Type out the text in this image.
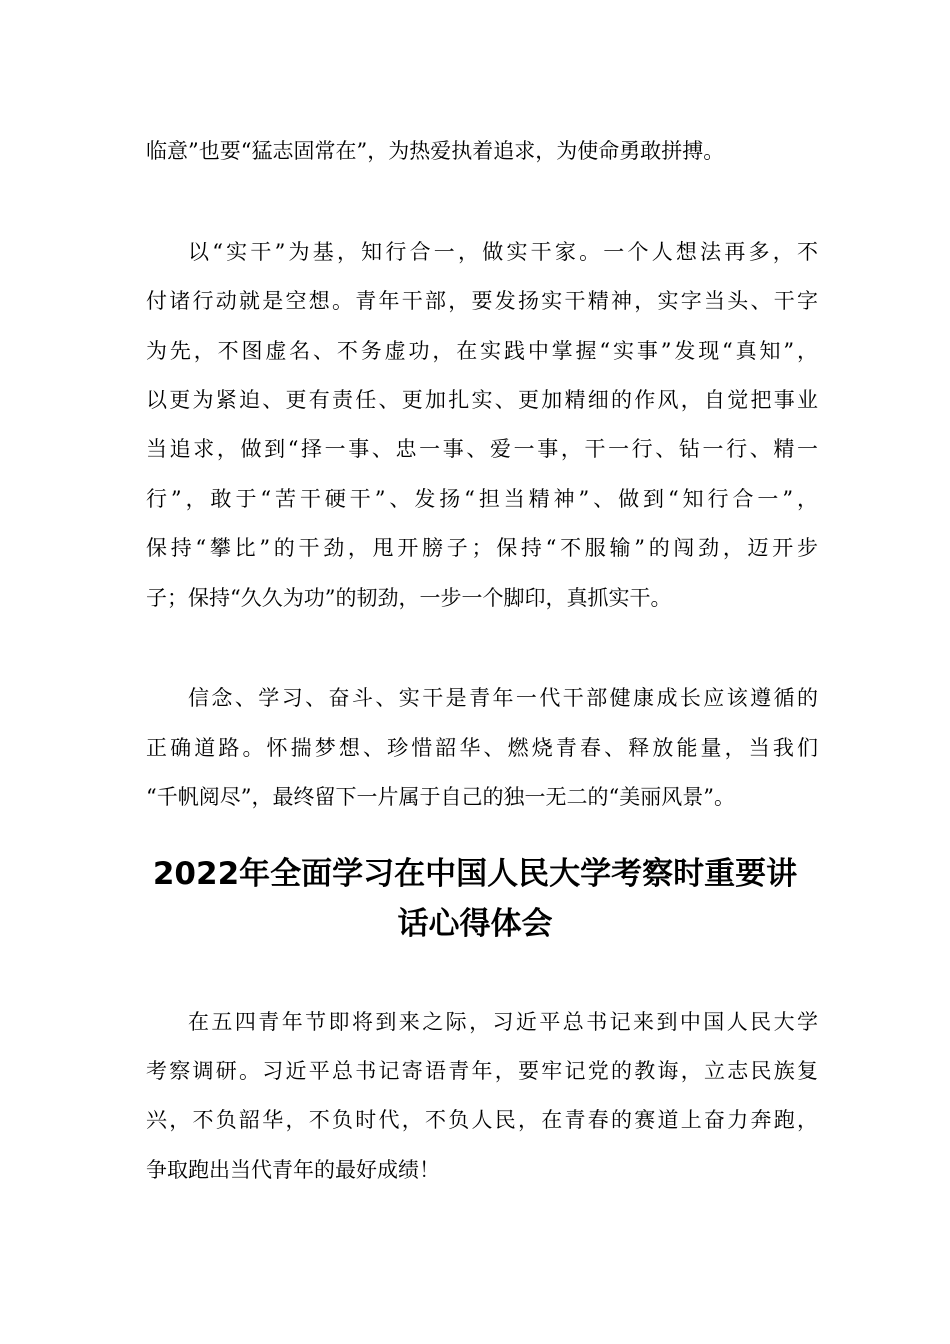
临意”也要“猛志固常在”，为热爱执着追求，为使命勇敢拼搏。

以“实干”为基，知行合一，做实干家。一个人想法再多，不

付诸行动就是空想。青年干部，要发扬实干精神，实字当头、干字

为先，不图虚名、不务虚功，在实践中掌握“实事”发现“真知”，

以更为紧迫、更有责任、更加扎实、更加精细的作风，自觉把事业

当追求，做到“择一事、忠一事、爱一事，干一行、钻一行、精一

行”，敢于“苦干硬干”、发扬“担当精神”、做到“知行合一”，

保持“攀比”的干劲，甩开膀子；保持“不服输”的闯劲，迈开步

子；保持“久久为功”的韧劲，一步一个脚印，真抓实干。

信念、学习、奋斗、实干是青年一代干部健康成长应该遵循的

正确道路。怀揣梦想、珍惜韶华、燃烧青春、释放能量，当我们

“千帆阅尽”，最终留下一片属于自己的独一无二的“美丽风景”。

2022年全面学习在中国人民大学考察时重要讲
话心得体会

在五四青年节即将到来之际，习近平总书记来到中国人民大学

考察调研。习近平总书记寄语青年，要牢记党的教诲，立志民族复

兴，不负韶华，不负时代，不负人民，在青春的赛道上奋力奔跑，

争取跑出当代青年的最好成绩！
